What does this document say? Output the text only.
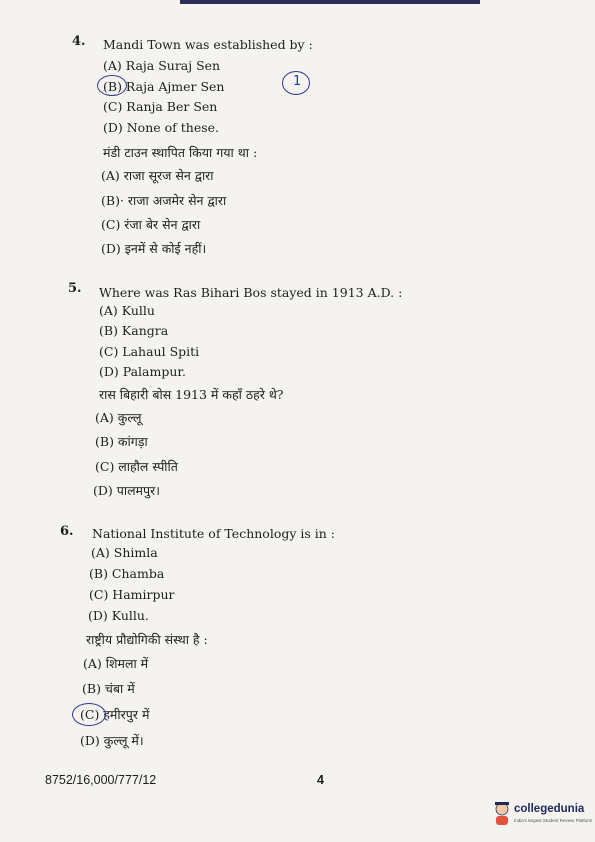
4. Mandi Town was established by :
(A) Raja Suraj Sen
(B) Raja Ajmer Sen
(C) Ranja Ber Sen
(D) None of these.
मंडी टाउन स्थापित किया गया था :
(A) राजा सूरज सेन द्वारा
(B)· राजा अजमेर सेन द्वारा
(C) रंजा बेर सेन द्वारा
(D) इनमें से कोई नहीं।
1
5. Where was Ras Bihari Bos stayed in 1913 A.D. :
(A) Kullu
(B) Kangra
(C) Lahaul Spiti
(D) Palampur.
रास बिहारी बोस 1913 में कहाँ ठहरे थे?
(A) कुल्लू
(B) कांगड़ा
(C) लाहौल स्पीति
(D) पालमपुर।
6. National Institute of Technology is in :
(A) Shimla
(B) Chamba
(C) Hamirpur
(D) Kullu.
राष्ट्रीय प्रौद्योगिकी संस्था है :
(A) शिमला में
(B) चंबा में
(C) हमीरपुर में
(D) कुल्लू में।
8752/16,000/777/12	4
collegedunia
India's largest Student Review Platform
